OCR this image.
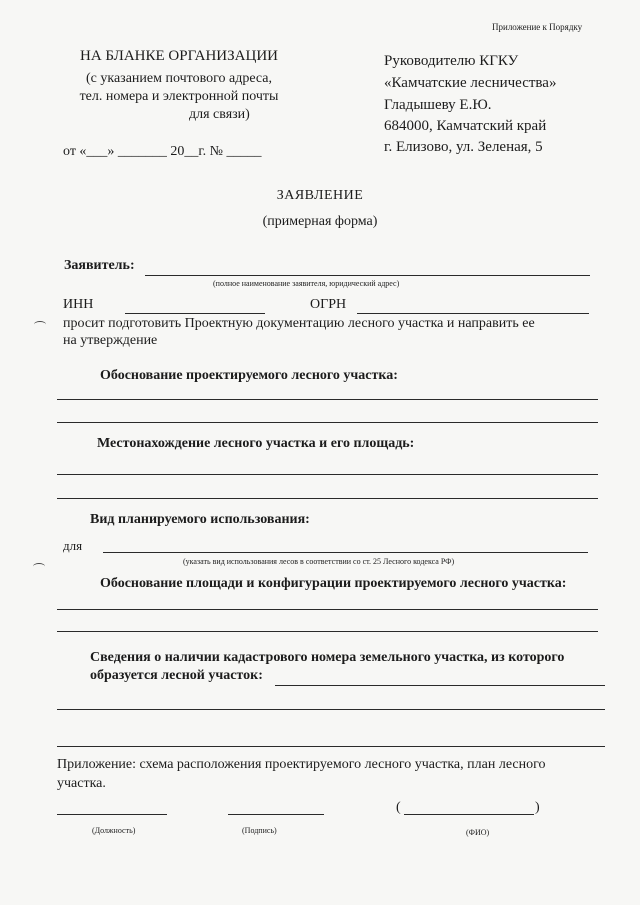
Приложение к Порядку
НА БЛАНКЕ ОРГАНИЗАЦИИ
(с указанием почтового адреса,
тел. номера и электронной почты
для связи)
от «___» _______ 20__г. № _____
Руководителю КГКУ
«Камчатские лесничества»
Гладышеву Е.Ю.
684000, Камчатский край
г. Елизово, ул. Зеленая, 5
ЗАЯВЛЕНИЕ
(примерная форма)
Заявитель:
(полное наименование заявителя, юридический адрес)
ИНН	ОГРН
просит подготовить Проектную документацию лесного участка и направить ее
на утверждение
Обоснование проектируемого лесного участка:
Местонахождение лесного участка и его площадь:
Вид планируемого использования:
для
(указать вид использования лесов в соответствии со ст. 25 Лесного кодекса РФ)
Обоснование площади и конфигурации проектируемого лесного участка:
Сведения о наличии кадастрового номера земельного участка, из которого
образуется лесной участок:
Приложение: схема расположения проектируемого лесного участка, план лесного
участка.
(Должность)	(Подпись)
(	)
(ФИО)
